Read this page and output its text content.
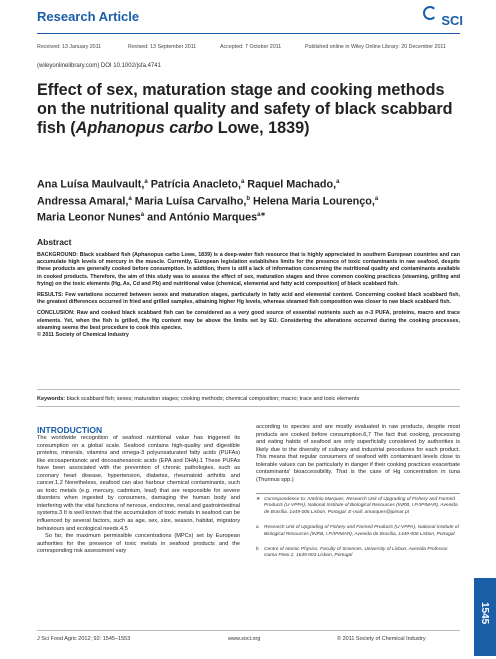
Research Article	SCI
Received: 13 January 2011	Revised: 13 September 2011	Accepted: 7 October 2011	Published online in Wiley Online Library: 20 December 2011
(wileyonlinelibrary.com) DOI 10.1002/jsfa.4741
Effect of sex, maturation stage and cooking methods on the nutritional quality and safety of black scabbard fish (Aphanopus carbo Lowe, 1839)

Ana Luísa Maulvault,$^a$ Patrícia Anacleto,$^a$ Raquel Machado,$^a$
Andressa Amaral,$^a$ Maria Luísa Carvalho,$^b$ Helena Maria Lourenço,$^a$
Maria Leonor Nunes$^a$ and António Marques$^{a∗}$

Abstract

BACKGROUND: Black scabbard fish (Aphanopus carbo Lowe, 1839) is a deep-water fish resource that is highly appreciated in southern European countries and can accumulate high levels of mercury in the muscle. Currently, European legislation establishes limits for the presence of toxic contaminants in raw seafood, despite these products are generally cooked before consumption. In addition, there is still a lack of information concerning the nutritional quality and contaminants available in cooked products. Therefore, the aim of this study was to assess the effect of sex, maturation stages and three common cooking practices (steaming, grilling and frying) on the toxic elements (Hg, As, Cd and Pb) and nutritional value (chemical, elemental and fatty acid composition) of black scabbard fish.

RESULTS: Few variations occurred between sexes and maturation stages, particularly in fatty acid and elemental content. Concerning cooked black scabbard fish, the greatest differences occurred in fried and grilled samples, attaining higher Hg levels, whereas steamed fish composition was closer to raw black scabbard fish.

CONCLUSION: Raw and cooked black scabbard fish can be considered as a very good source of essential nutrients such as n-3 PUFA, proteins, macro and trace elements. Yet, when the fish is grilled, the Hg content may be above the limits set by EU. Considering the alterations occurred during the cooking processes, steaming seems the best procedure to cook this species.
© 2011 Society of Chemical Industry

Keywords: black scabbard fish; sexes; maturation stages; cooking methods; chemical composition; macro; trace and toxic elements
INTRODUCTION

The worldwide recognition of seafood nutritional value has triggered its consumption on a global scale. Seafood contains high-quality and digestible proteins, minerals, vitamins and omega-3 polyunsaturated fatty acids (PUFAs) like eicosapentanoic and docosahexanoic acids (EPA and DHA).1 These PUFAs have been associated with the prevention of chronic pathologies, such as coronary heart disease, hypertension, diabetes, rheumatoid arthritis and cancer.1,2 Nonetheless, seafood can also harbour chemical contaminants, such as toxic metals (e.g. mercury, cadmium, lead) that are responsible for severe disorders when ingested by consumers, damaging the human body and interfering with the vital functions of nervous, endocrine, renal and gastrointestinal systems.3 It is well known that the accumulation of toxic metals in seafood can be influenced by several factors, such as age, sex, size, season, habitat, migratory behaviours and ecological needs.4,5

So far, the maximum permissible concentrations (MPCs) set by European authorities for the presence of toxic metals in seafood products and the corresponding risk assessment vary

according to species and are mostly evaluated in raw products, despite most products are cooked before consumption.6,7 The fact that cooking, processing and eating habits of seafood are only superficially considered by authorities is likely due to the diversity of culinary and industrial procedures for each product. This means that regular consumers of seafood with contaminant levels close to tolerable values can be particularly in danger if their cooking practices exacerbate contaminants' bioaccessibility. That is the case of Hg concentration in tuna (Thunnus spp.)

∗ Correspondence to: António Marques, Research Unit of Upgrading of Fishery and Farmed Products (U-VPPA), National Institute of Biological Resources (INRB, I.P./IPIMAR), Avenida de Brasília, 1449-006 Lisbon, Portugal. E-mail: amarques@ipimar.pt
a Research Unit of Upgrading of Fishery and Farmed Products (U-VPPA), National Institute of Biological Resources (INRB, I.P./IPIMAR), Avenida de Brasília, 1449-006 Lisbon, Portugal
b Centre of Atomic Physics, Faculty of Sciences, University of Lisbon, Avenida Professor Gama Pinto 2, 1649-003 Lisbon, Portugal
1545
J Sci Food Agric 2012; 92: 1545–1553	www.soci.org	© 2011 Society of Chemical Industry
